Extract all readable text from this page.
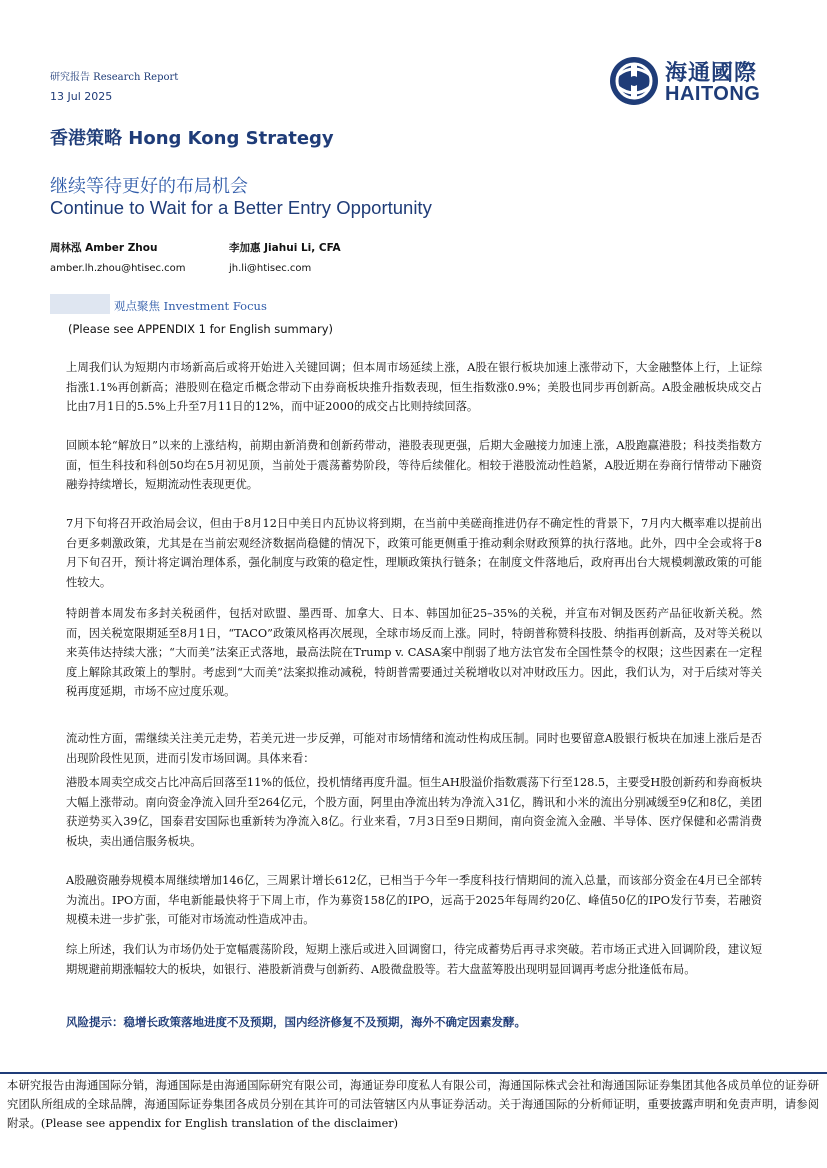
研究报告 Research Report
13 Jul 2025
海通國際
HAITONG
香港策略 Hong Kong Strategy
继续等待更好的布局机会
Continue to Wait for a Better Entry Opportunity
周林泓 Amber Zhou
amber.lh.zhou@htisec.com
李加惠 Jiahui Li, CFA
jh.li@htisec.com
观点聚焦 Investment Focus
(Please see APPENDIX 1 for English summary)
上周我们认为短期内市场新高后或将开始进入关键回调；但本周市场延续上涨，A股在银行板块加速上涨带动下，大金融整体上行，上证综指涨1.1%再创新高；港股则在稳定币概念带动下由券商板块推升指数表现，恒生指数涨0.9%；美股也同步再创新高。A股金融板块成交占比由7月1日的5.5%上升至7月11日的12%，而中证2000的成交占比则持续回落。
回顾本轮“解放日”以来的上涨结构，前期由新消费和创新药带动，港股表现更强，后期大金融接力加速上涨，A股跑赢港股；科技类指数方面，恒生科技和科创50均在5月初见顶，当前处于震荡蓄势阶段，等待后续催化。相较于港股流动性趋紧，A股近期在券商行情带动下融资融券持续增长，短期流动性表现更优。
7月下旬将召开政治局会议，但由于8月12日中美日内瓦协议将到期，在当前中美磋商推进仍存不确定性的背景下，7月内大概率难以提前出台更多刺激政策，尤其是在当前宏观经济数据尚稳健的情况下，政策可能更侧重于推动剩余财政预算的执行落地。此外，四中全会或将于8月下旬召开，预计将定调治理体系，强化制度与政策的稳定性，理顺政策执行链条；在制度文件落地后，政府再出台大规模刺激政策的可能性较大。
特朗普本周发布多封关税函件，包括对欧盟、墨西哥、加拿大、日本、韩国加征25–35%的关税，并宣布对铜及医药产品征收新关税。然而，因关税宽限期延至8月1日，“TACO”政策风格再次展现，全球市场反而上涨。同时，特朗普称赞科技股、纳指再创新高，及对等关税以来英伟达持续大涨；“大而美”法案正式落地，最高法院在Trump v. CASA案中削弱了地方法官发布全国性禁令的权限；这些因素在一定程度上解除其政策上的掣肘。考虑到“大而美”法案拟推动减税，特朗普需要通过关税增收以对冲财政压力。因此，我们认为，对于后续对等关税再度延期，市场不应过度乐观。
流动性方面，需继续关注美元走势，若美元进一步反弹，可能对市场情绪和流动性构成压制。同时也要留意A股银行板块在加速上涨后是否出现阶段性见顶，进而引发市场回调。具体来看：
港股本周卖空成交占比冲高后回落至11%的低位，投机情绪再度升温。恒生AH股溢价指数震荡下行至128.5，主要受H股创新药和券商板块大幅上涨带动。南向资金净流入回升至264亿元，个股方面，阿里由净流出转为净流入31亿，腾讯和小米的流出分别减缓至9亿和8亿，美团获逆势买入39亿，国泰君安国际也重新转为净流入8亿。行业来看，7月3日至9日期间，南向资金流入金融、半导体、医疗保健和必需消费板块，卖出通信服务板块。
A股融资融券规模本周继续增加146亿，三周累计增长612亿，已相当于今年一季度科技行情期间的流入总量，而该部分资金在4月已全部转为流出。IPO方面，华电新能最快将于下周上市，作为募资158亿的IPO，远高于2025年每周约20亿、峰值50亿的IPO发行节奏，若融资规模未进一步扩张，可能对市场流动性造成冲击。
综上所述，我们认为市场仍处于宽幅震荡阶段，短期上涨后或进入回调窗口，待完成蓄势后再寻求突破。若市场正式进入回调阶段，建议短期规避前期涨幅较大的板块，如银行、港股新消费与创新药、A股微盘股等。若大盘蓝筹股出现明显回调再考虑分批逢低布局。
风险提示：稳增长政策落地进度不及预期，国内经济修复不及预期，海外不确定因素发酵。
本研究报告由海通国际分销，海通国际是由海通国际研究有限公司，海通证券印度私人有限公司，海通国际株式会社和海通国际证券集团其他各成员单位的证券研究团队所组成的全球品牌，海通国际证券集团各成员分别在其许可的司法管辖区内从事证券活动。关于海通国际的分析师证明，重要披露声明和免责声明，请参阅附录。(Please see appendix for English translation of the disclaimer)
